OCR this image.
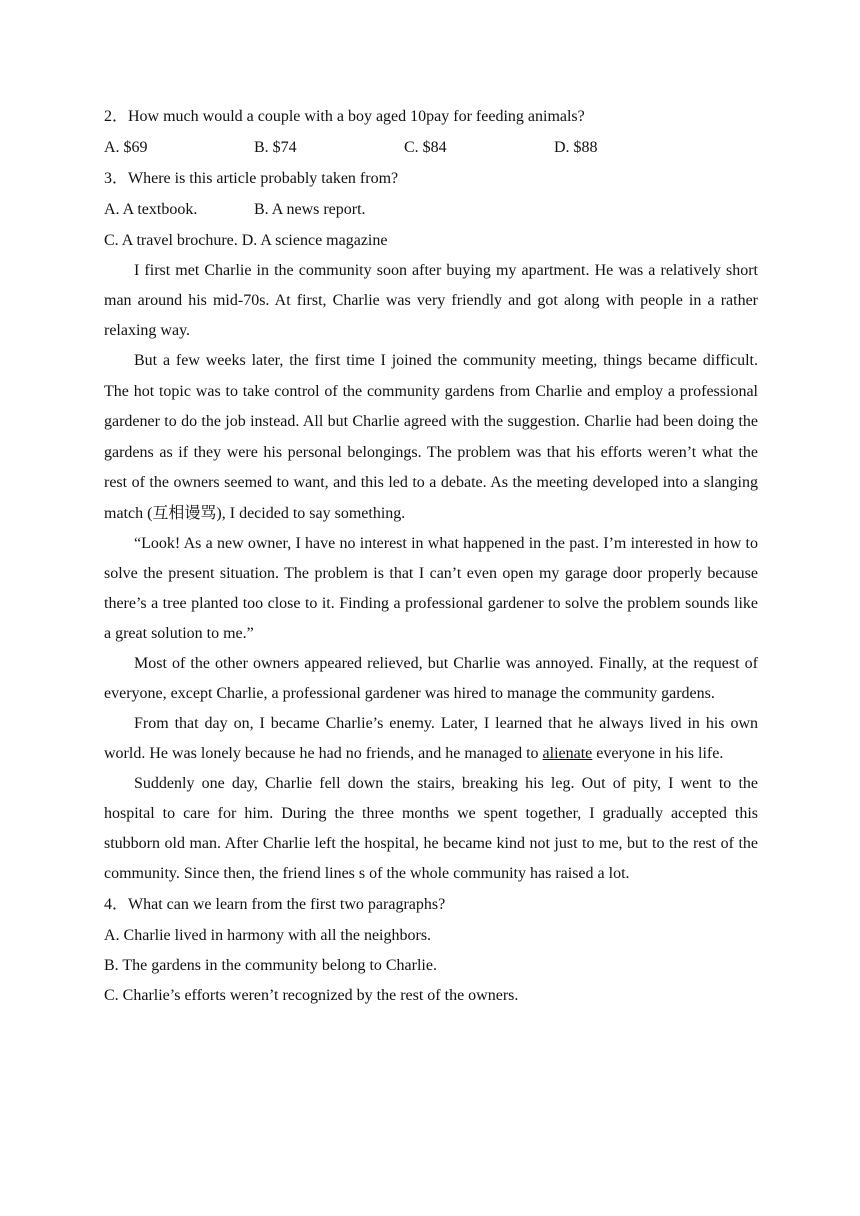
2．How much would a couple with a boy aged 10pay for feeding animals?
A. $69	B. $74	C. $84	D. $88
3．Where is this article probably taken from?
A. A textbook.	B. A news report.
C. A travel brochure. D. A science magazine

I first met Charlie in the community soon after buying my apartment. He was a relatively short man around his mid-70s. At first, Charlie was very friendly and got along with people in a rather relaxing way.

But a few weeks later, the first time I joined the community meeting, things became difficult. The hot topic was to take control of the community gardens from Charlie and employ a professional gardener to do the job instead. All but Charlie agreed with the suggestion. Charlie had been doing the gardens as if they were his personal belongings. The problem was that his efforts weren’t what the rest of the owners seemed to want, and this led to a debate. As the meeting developed into a slanging match (互相谩骂), I decided to say something.

“Look! As a new owner, I have no interest in what happened in the past. I’m interested in how to solve the present situation. The problem is that I can’t even open my garage door properly because there’s a tree planted too close to it. Finding a professional gardener to solve the problem sounds like a great solution to me.”

Most of the other owners appeared relieved, but Charlie was annoyed. Finally, at the request of everyone, except Charlie, a professional gardener was hired to manage the community gardens.

From that day on, I became Charlie’s enemy. Later, I learned that he always lived in his own world. He was lonely because he had no friends, and he managed to alienate everyone in his life.

Suddenly one day, Charlie fell down the stairs, breaking his leg. Out of pity, I went to the hospital to care for him. During the three months we spent together, I gradually accepted this stubborn old man. After Charlie left the hospital, he became kind not just to me, but to the rest of the community. Since then, the friend lines s of the whole community has raised a lot.

4．What can we learn from the first two paragraphs?
A. Charlie lived in harmony with all the neighbors.
B. The gardens in the community belong to Charlie.
C. Charlie’s efforts weren’t recognized by the rest of the owners.
